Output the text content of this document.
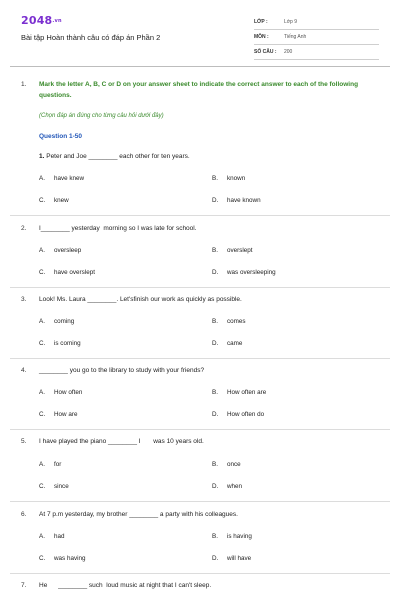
2048.vn
Bài tập Hoàn thành câu có đáp án Phần 2
LỚP :	Lớp 9
MÔN :	Tiếng Anh
SỐ CÂU :	200
1. Mark the letter A, B, C or D on your answer sheet to indicate the correct answer to each of the following questions.
(Chọn đáp án đúng cho từng câu hỏi dưới đây)
Question 1-50
1. Peter and Joe ________ each other for ten years.
A. have knew	B. known
C. knew	D. have known
2. I________ yesterday  morning so I was late for school.
A. oversleep	B. overslept
C. have overslept	D. was oversleeping
3. Look! Ms. Laura ________. Let'sfinish our work as quickly as possible.
A. coming	B. comes
C. is coming	D. came
4. ________ you go to the library to study with your friends?
A. How often	B. How often are
C. How are	D. How often do
5. I have played the piano ________ I       was 10 years old.
A. for	B. once
C. since	D. when
6. At 7 p.m yesterday, my brother ________ a party with his colleagues.
A. had	B. is having
C. was having	D. will have
7. He      ________ such  loud music at night that I can't sleep.
